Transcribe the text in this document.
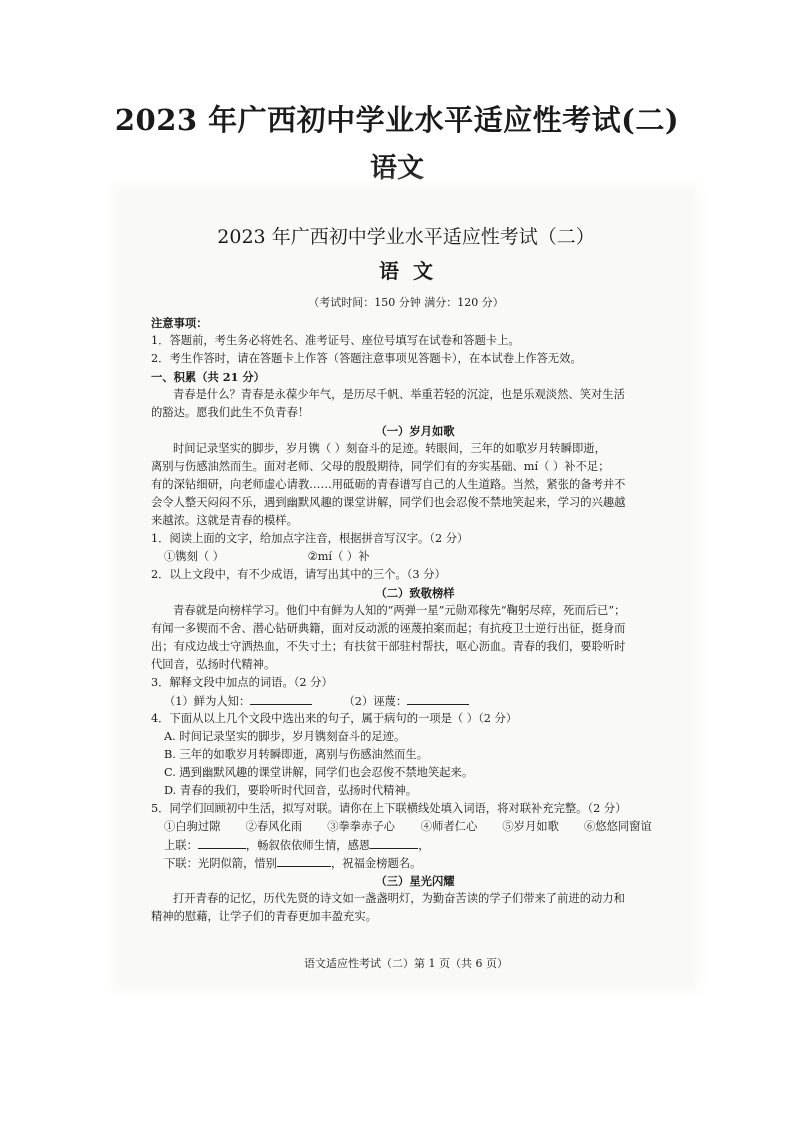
2023 年广西初中学业水平适应性考试(二)
语文
2023 年广西初中学业水平适应性考试（二）
语文
（考试时间：150 分钟 满分：120 分）
注意事项：
1．答题前，考生务必将姓名、准考证号、座位号填写在试卷和答题卡上。
2．考生作答时，请在答题卡上作答（答题注意事项见答题卡），在本试卷上作答无效。
一、积累（共 21 分）
青春是什么？青春是永葆少年气，是历尽千帆、举重若轻的沉淀，也是乐观淡然、笑对生活
的豁达。愿我们此生不负青春！
（一）岁月如歌
时间记录坚实的脚步，岁月镌（ ）刻奋斗的足迹。转眼间，三年的如歌岁月转瞬即逝，
离别与伤感油然而生。面对老师、父母的殷殷期待，同学们有的夯实基础、mí（ ）补不足；
有的深钻细研，向老师虚心请教……用砥砺的青春谱写自己的人生道路。当然，紧张的备考并不
会令人整天闷闷不乐，遇到幽默风趣的课堂讲解，同学们也会忍俊不禁地笑起来，学习的兴趣越
来越浓。这就是青春的模样。
1．阅读上面的文字，给加点字注音，根据拼音写汉字。（2 分）
①镌刻（ ）	②mí（ ）补
2．以上文段中，有不少成语，请写出其中的三个。（3 分）
（二）致敬榜样
青春就是向榜样学习。他们中有鲜为人知的“两弹一星”元勋邓稼先“鞠躬尽瘁，死而后已”；
有闻一多锲而不舍、潜心钻研典籍，面对反动派的诬蔑拍案而起；有抗疫卫士逆行出征，挺身而
出；有戍边战士守洒热血，不失寸土；有扶贫干部驻村帮扶，呕心沥血。青春的我们，要聆听时
代回音，弘扬时代精神。
3．解释文段中加点的词语。（2 分）
（1）鲜为人知：	（2）诬蔑：
4．下面从以上几个文段中选出来的句子，属于病句的一项是（ ）（2 分）
A. 时间记录坚实的脚步，岁月镌刻奋斗的足迹。
B. 三年的如歌岁月转瞬即逝，离别与伤感油然而生。
C. 遇到幽默风趣的课堂讲解，同学们也会忍俊不禁地笑起来。
D. 青春的我们，要聆听时代回音，弘扬时代精神。
5．同学们回顾初中生活，拟写对联。请你在上下联横线处填入词语，将对联补充完整。（2 分）
①白驹过隙 ②春风化雨 ③拳拳赤子心 ④师者仁心 ⑤岁月如歌 ⑥悠悠同窗谊
上联：	，畅叙依依师生情，感恩	，
下联：光阴似箭，惜别	，祝福金榜题名。
（三）星光闪耀
打开青春的记忆，历代先贤的诗文如一盏盏明灯，为勤奋苦读的学子们带来了前进的动力和
精神的慰藉，让学子们的青春更加丰盈充实。
语文适应性考试（二）第 1 页（共 6 页）
